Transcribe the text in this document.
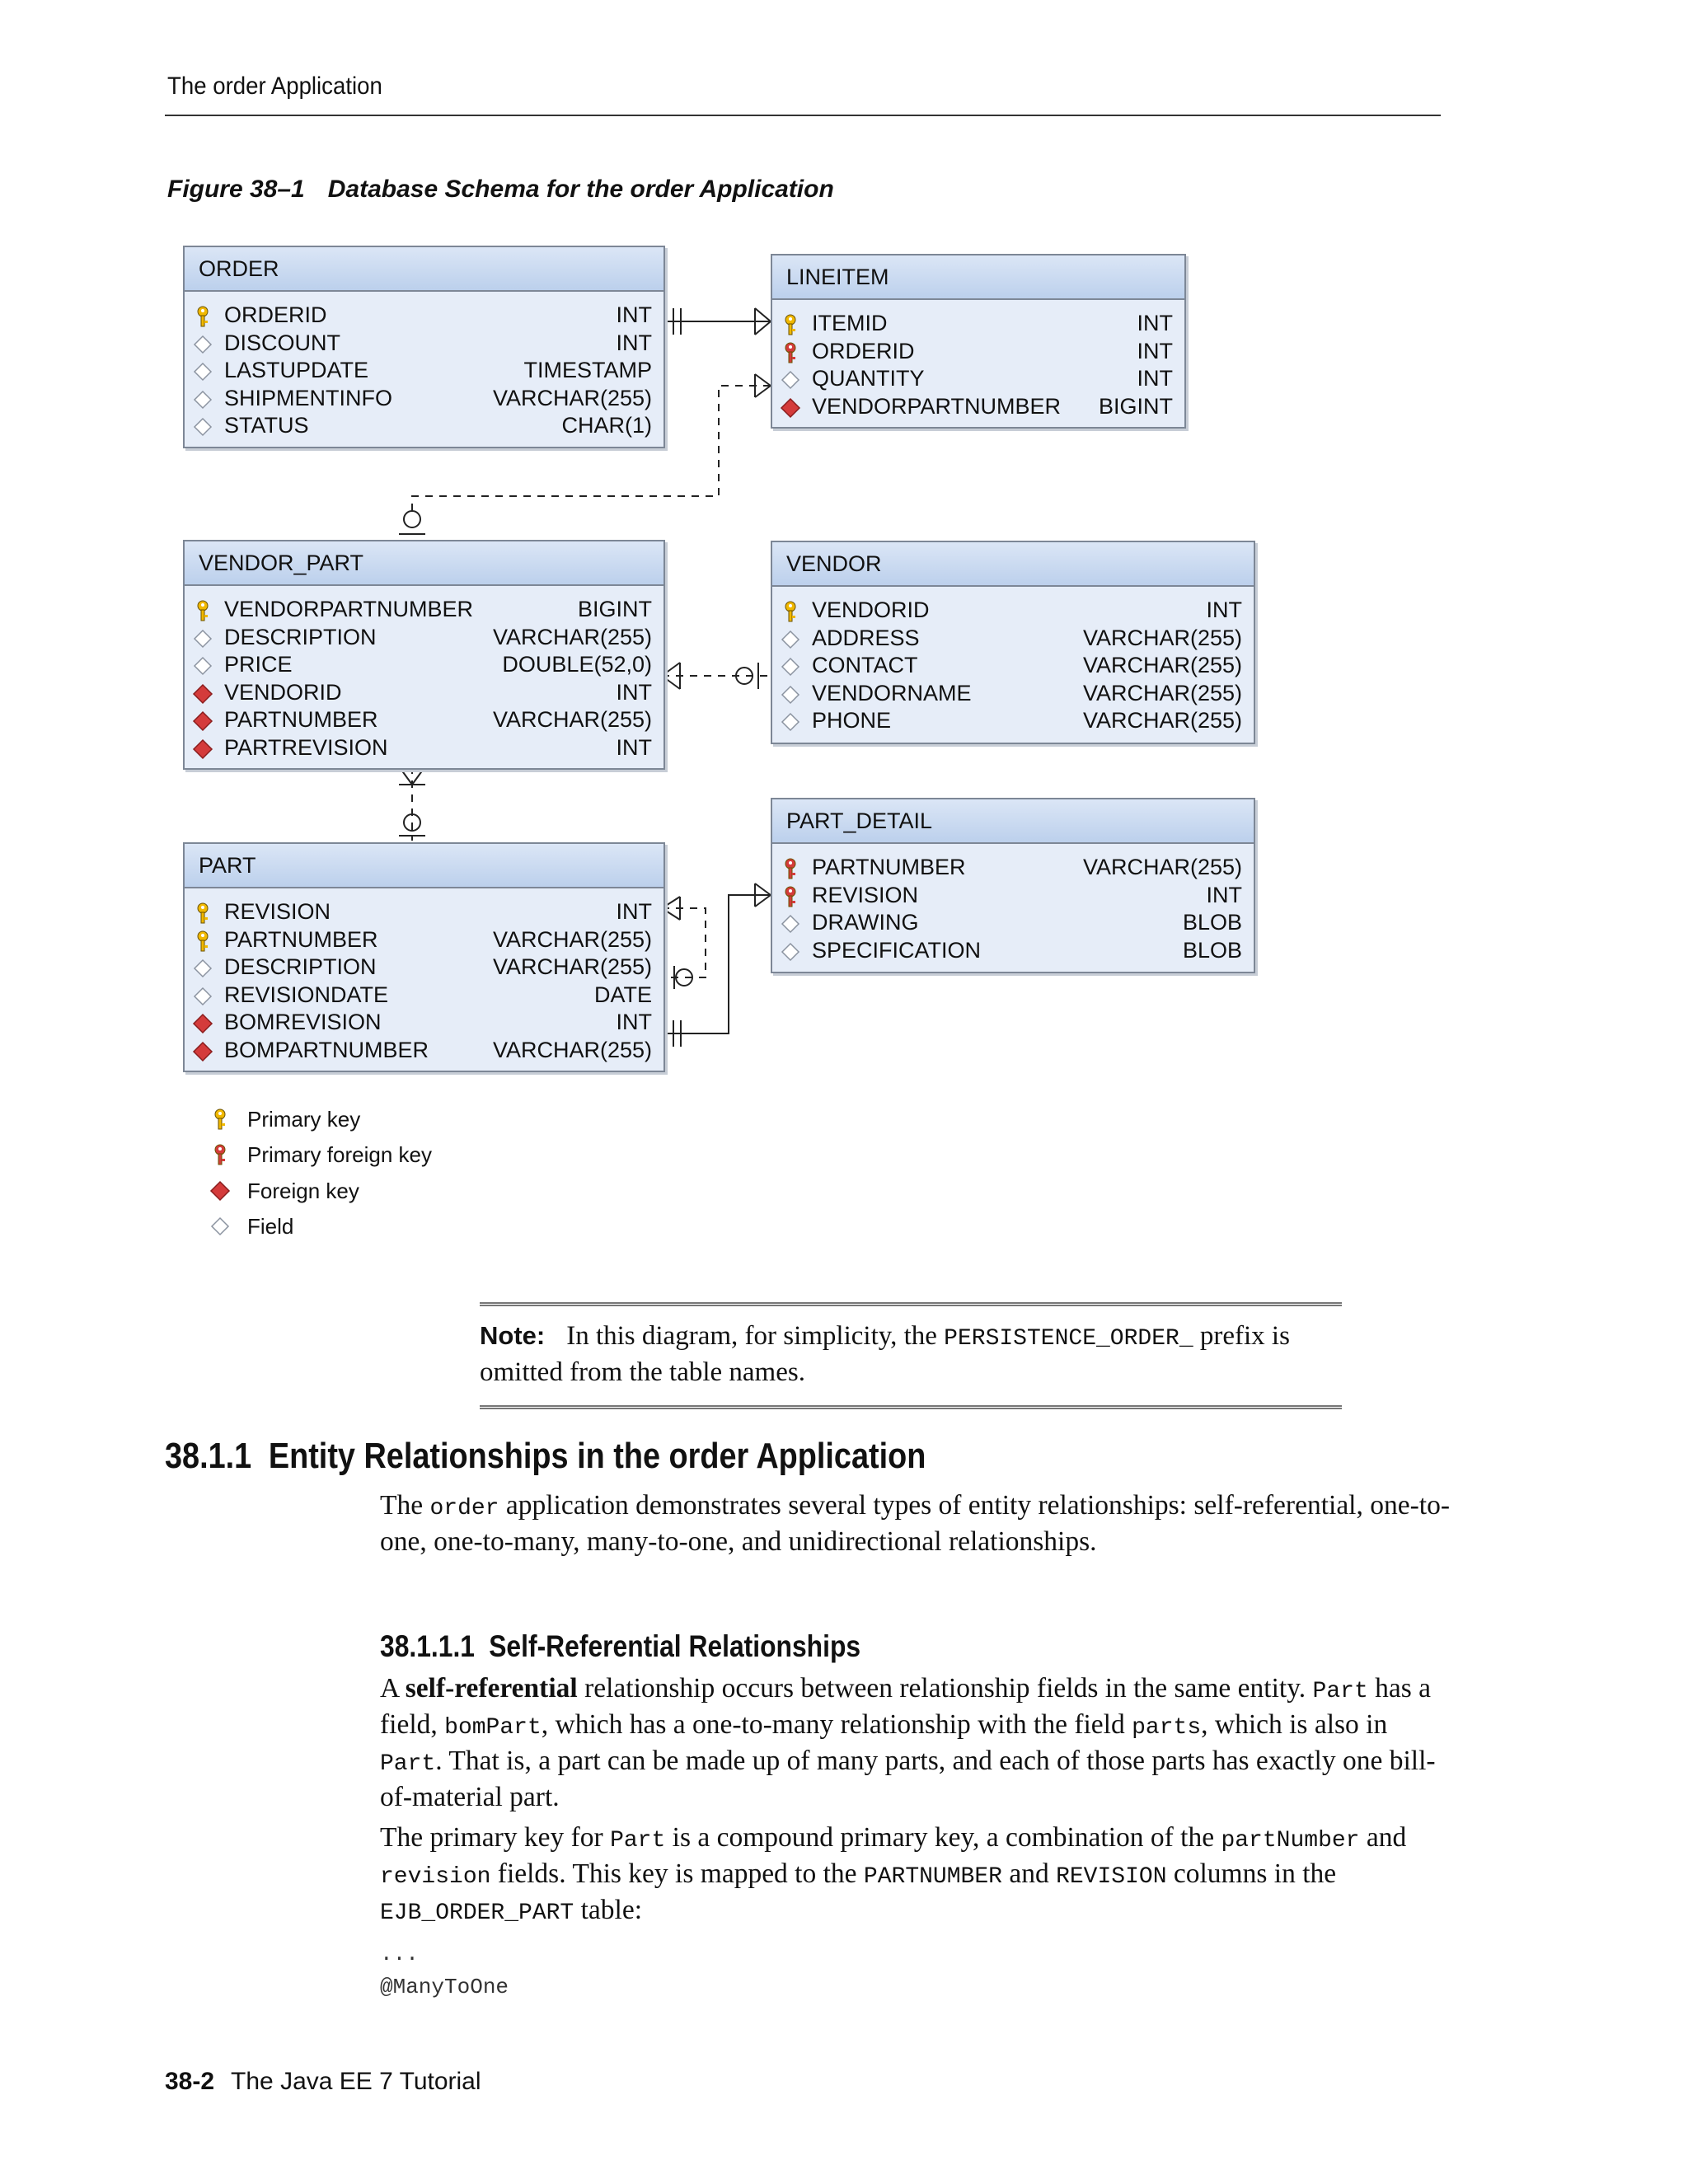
The order Application
Figure 38–1 Database Schema for the order Application
ORDER
ORDERID	INT
DISCOUNT	INT
LASTUPDATE	TIMESTAMP
SHIPMENTINFO	VARCHAR(255)
STATUS	CHAR(1)
LINEITEM
ITEMID	INT
ORDERID	INT
QUANTITY	INT
VENDORPARTNUMBER BIGINT
VENDOR_PART
VENDORPARTNUMBER	BIGINT
DESCRIPTION	VARCHAR(255)
PRICE	DOUBLE(52,0)
VENDORID	INT
PARTNUMBER	VARCHAR(255)
PARTREVISION	INT
VENDOR
VENDORID	INT
ADDRESS	VARCHAR(255)
CONTACT	VARCHAR(255)
VENDORNAME	VARCHAR(255)
PHONE	VARCHAR(255)
PART
REVISION	INT
PARTNUMBER	VARCHAR(255)
DESCRIPTION	VARCHAR(255)
REVISIONDATE	DATE
BOMREVISION	INT
BOMPARTNUMBER	VARCHAR(255)
PART_DETAIL
PARTNUMBER	VARCHAR(255)
REVISION	INT
DRAWING	BLOB
SPECIFICATION	BLOB
Primary key
Primary foreign key
Foreign key
Field
Note: In this diagram, for simplicity, the PERSISTENCE_ORDER_ prefix is omitted from the table names.
38.1.1 Entity Relationships in the order Application
The order application demonstrates several types of entity relationships: self-referential, one-to-one, one-to-many, many-to-one, and unidirectional relationships.
38.1.1.1 Self-Referential Relationships
A self-referential relationship occurs between relationship fields in the same entity. Part has a field, bomPart, which has a one-to-many relationship with the field parts, which is also in Part. That is, a part can be made up of many parts, and each of those parts has exactly one bill-of-material part.
The primary key for Part is a compound primary key, a combination of the partNumber and revision fields. This key is mapped to the PARTNUMBER and REVISION columns in the EJB_ORDER_PART table:
...
@ManyToOne
38-2 The Java EE 7 Tutorial
